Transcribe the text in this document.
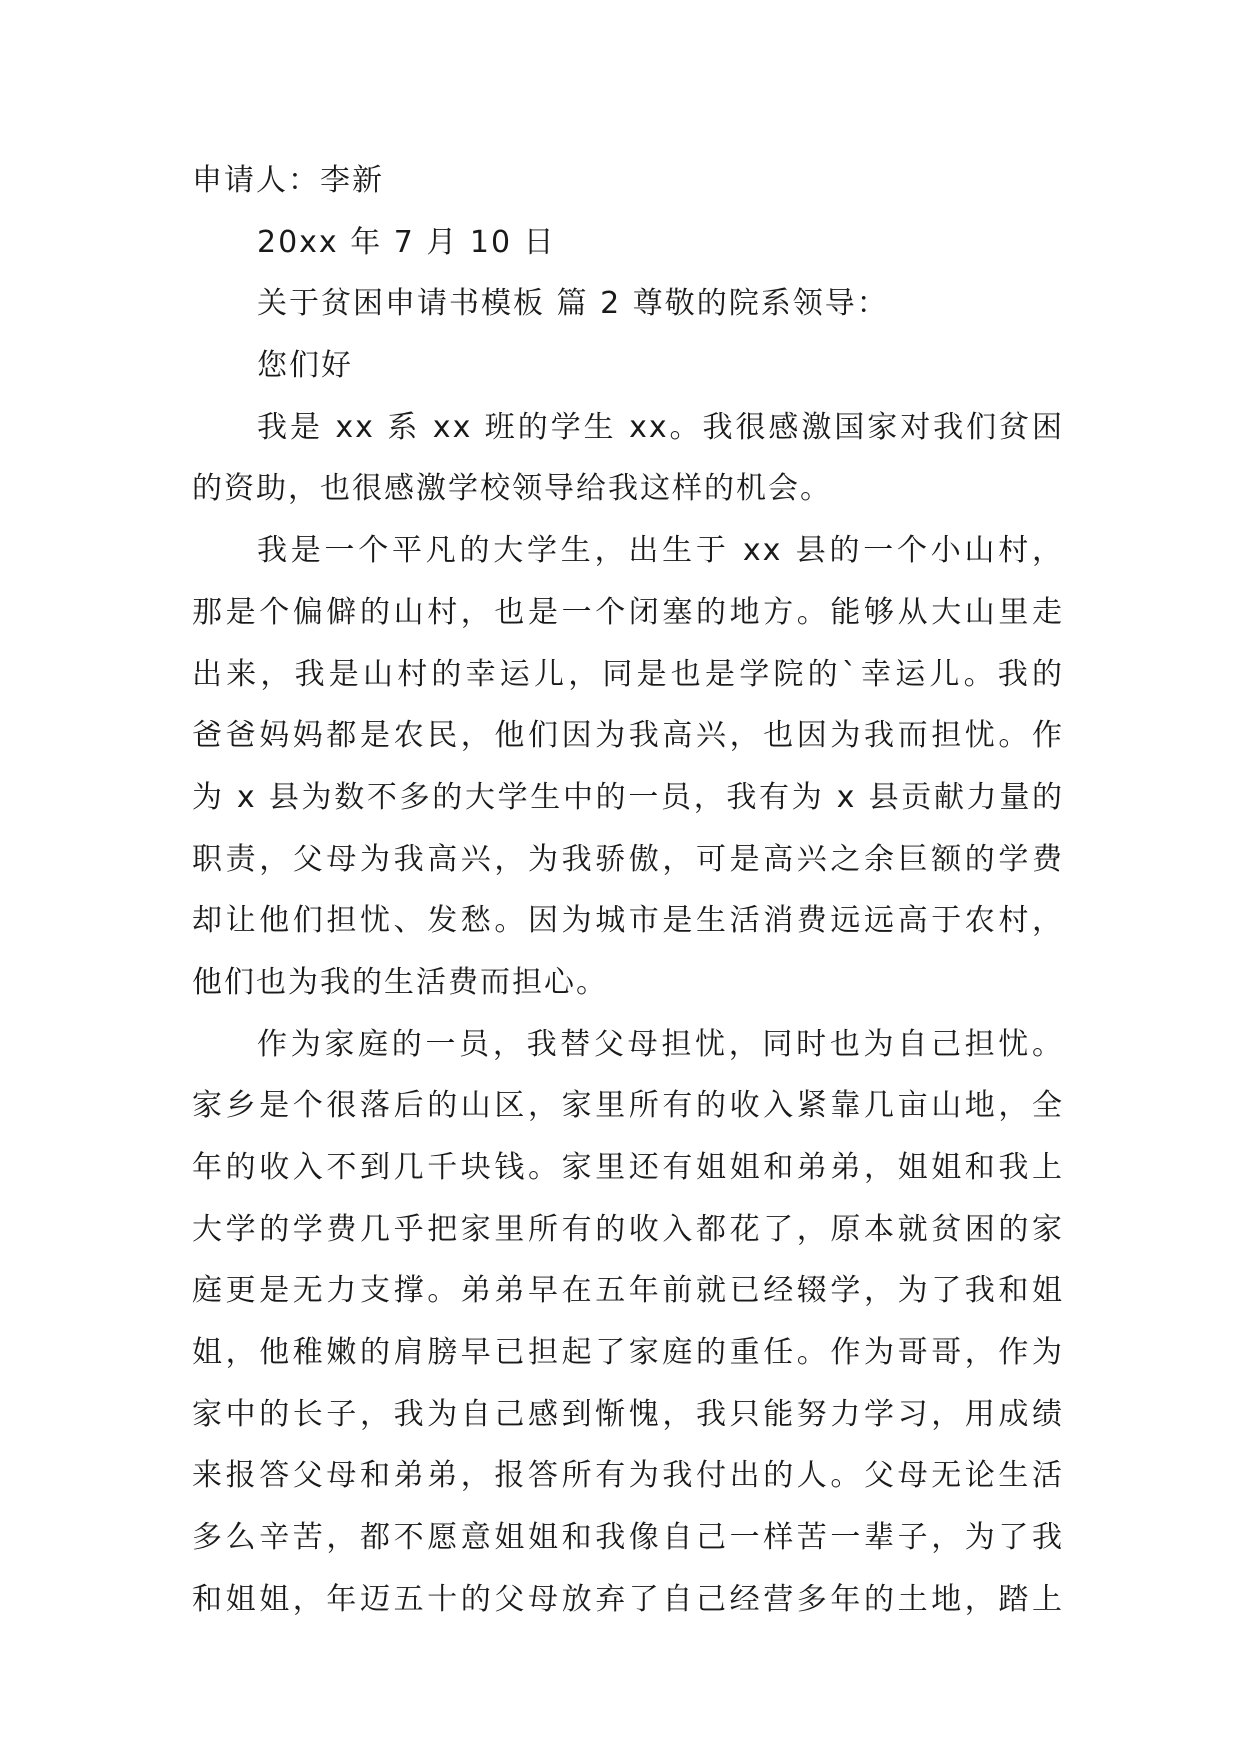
申请人：李新
20xx 年 7 月 10 日
关于贫困申请书模板 篇 2 尊敬的院系领导：
您们好
我是 xx 系 xx 班的学生 xx。我很感激国家对我们贫困
的资助，也很感激学校领导给我这样的机会。
我是一个平凡的大学生，出生于 xx 县的一个小山村，
那是个偏僻的山村，也是一个闭塞的地方。能够从大山里走
出来，我是山村的幸运儿，同是也是学院的`幸运儿。我的
爸爸妈妈都是农民，他们因为我高兴，也因为我而担忧。作
为 x 县为数不多的大学生中的一员，我有为 x 县贡献力量的
职责，父母为我高兴，为我骄傲，可是高兴之余巨额的学费
却让他们担忧、发愁。因为城市是生活消费远远高于农村，
他们也为我的生活费而担心。
作为家庭的一员，我替父母担忧，同时也为自己担忧。
家乡是个很落后的山区，家里所有的收入紧靠几亩山地，全
年的收入不到几千块钱。家里还有姐姐和弟弟，姐姐和我上
大学的学费几乎把家里所有的收入都花了，原本就贫困的家
庭更是无力支撑。弟弟早在五年前就已经辍学，为了我和姐
姐，他稚嫩的肩膀早已担起了家庭的重任。作为哥哥，作为
家中的长子，我为自己感到惭愧，我只能努力学习，用成绩
来报答父母和弟弟，报答所有为我付出的人。父母无论生活
多么辛苦，都不愿意姐姐和我像自己一样苦一辈子，为了我
和姐姐，年迈五十的父母放弃了自己经营多年的土地，踏上
